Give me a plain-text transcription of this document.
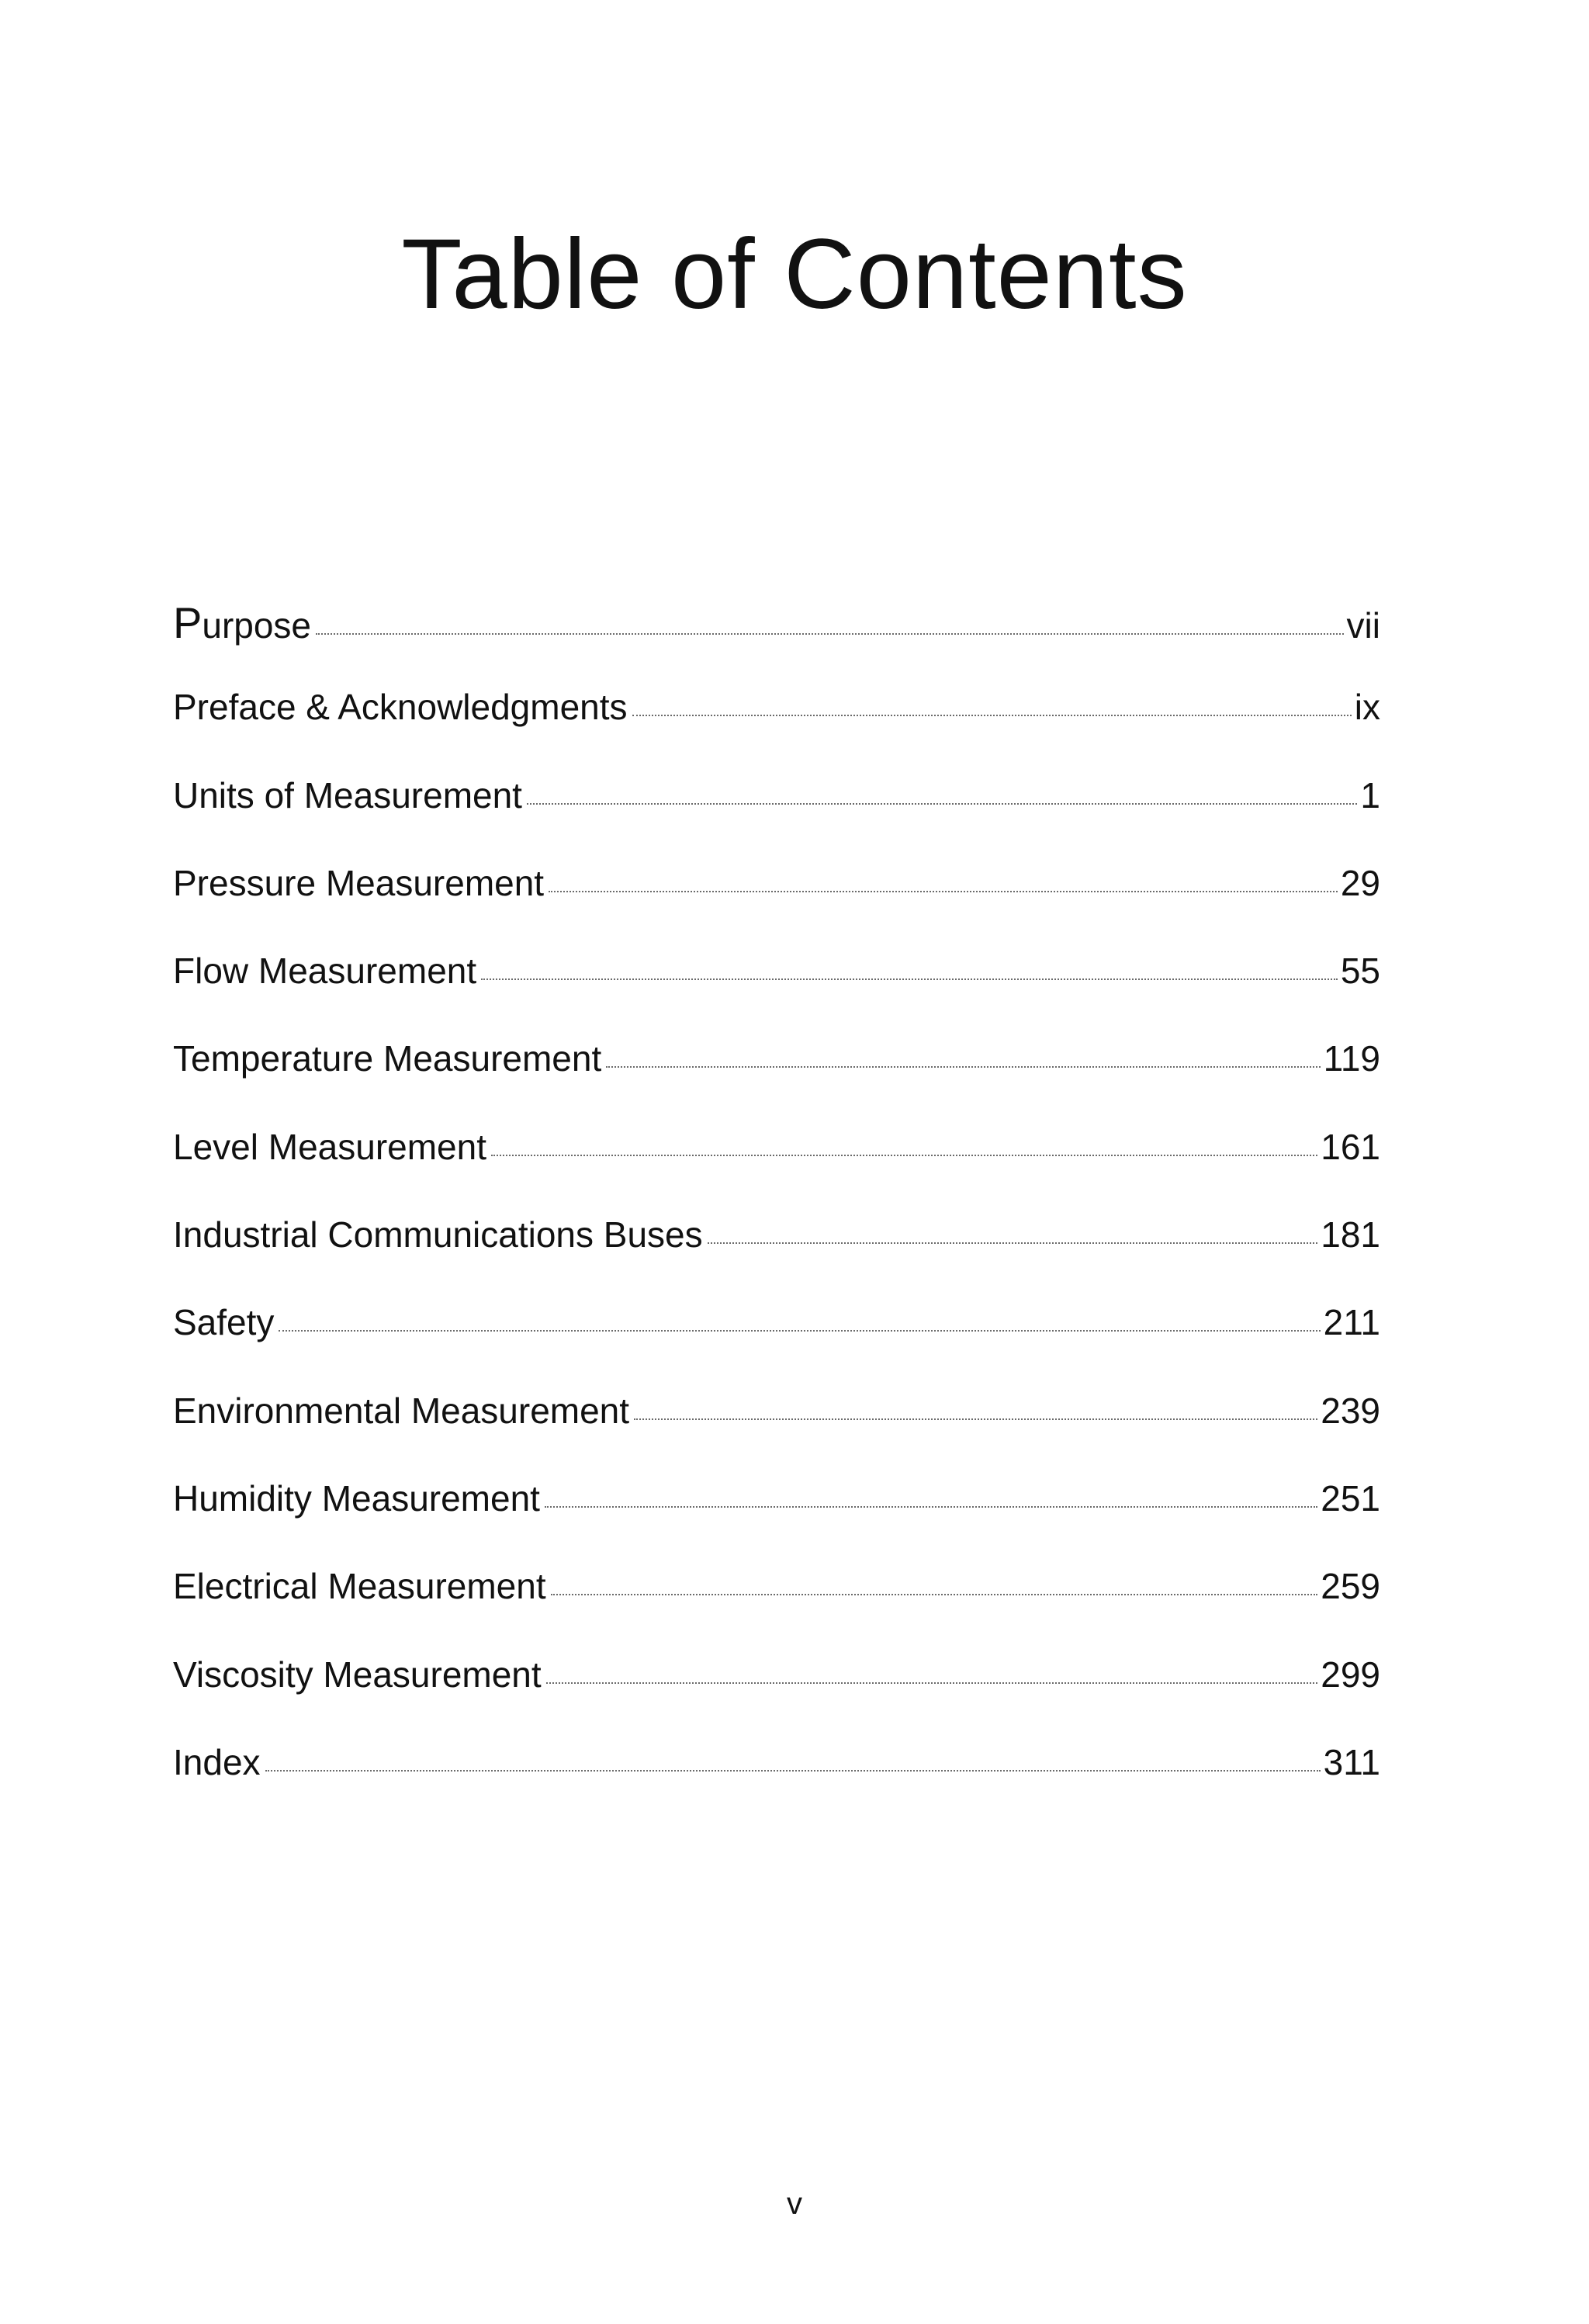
Table of Contents
Purpose	vii
Preface & Acknowledgments	ix
Units of Measurement	1
Pressure Measurement	29
Flow Measurement	55
Temperature Measurement	119
Level Measurement	161
Industrial Communications Buses	181
Safety	211
Environmental Measurement	239
Humidity Measurement	251
Electrical Measurement	259
Viscosity Measurement	299
Index	311
v
